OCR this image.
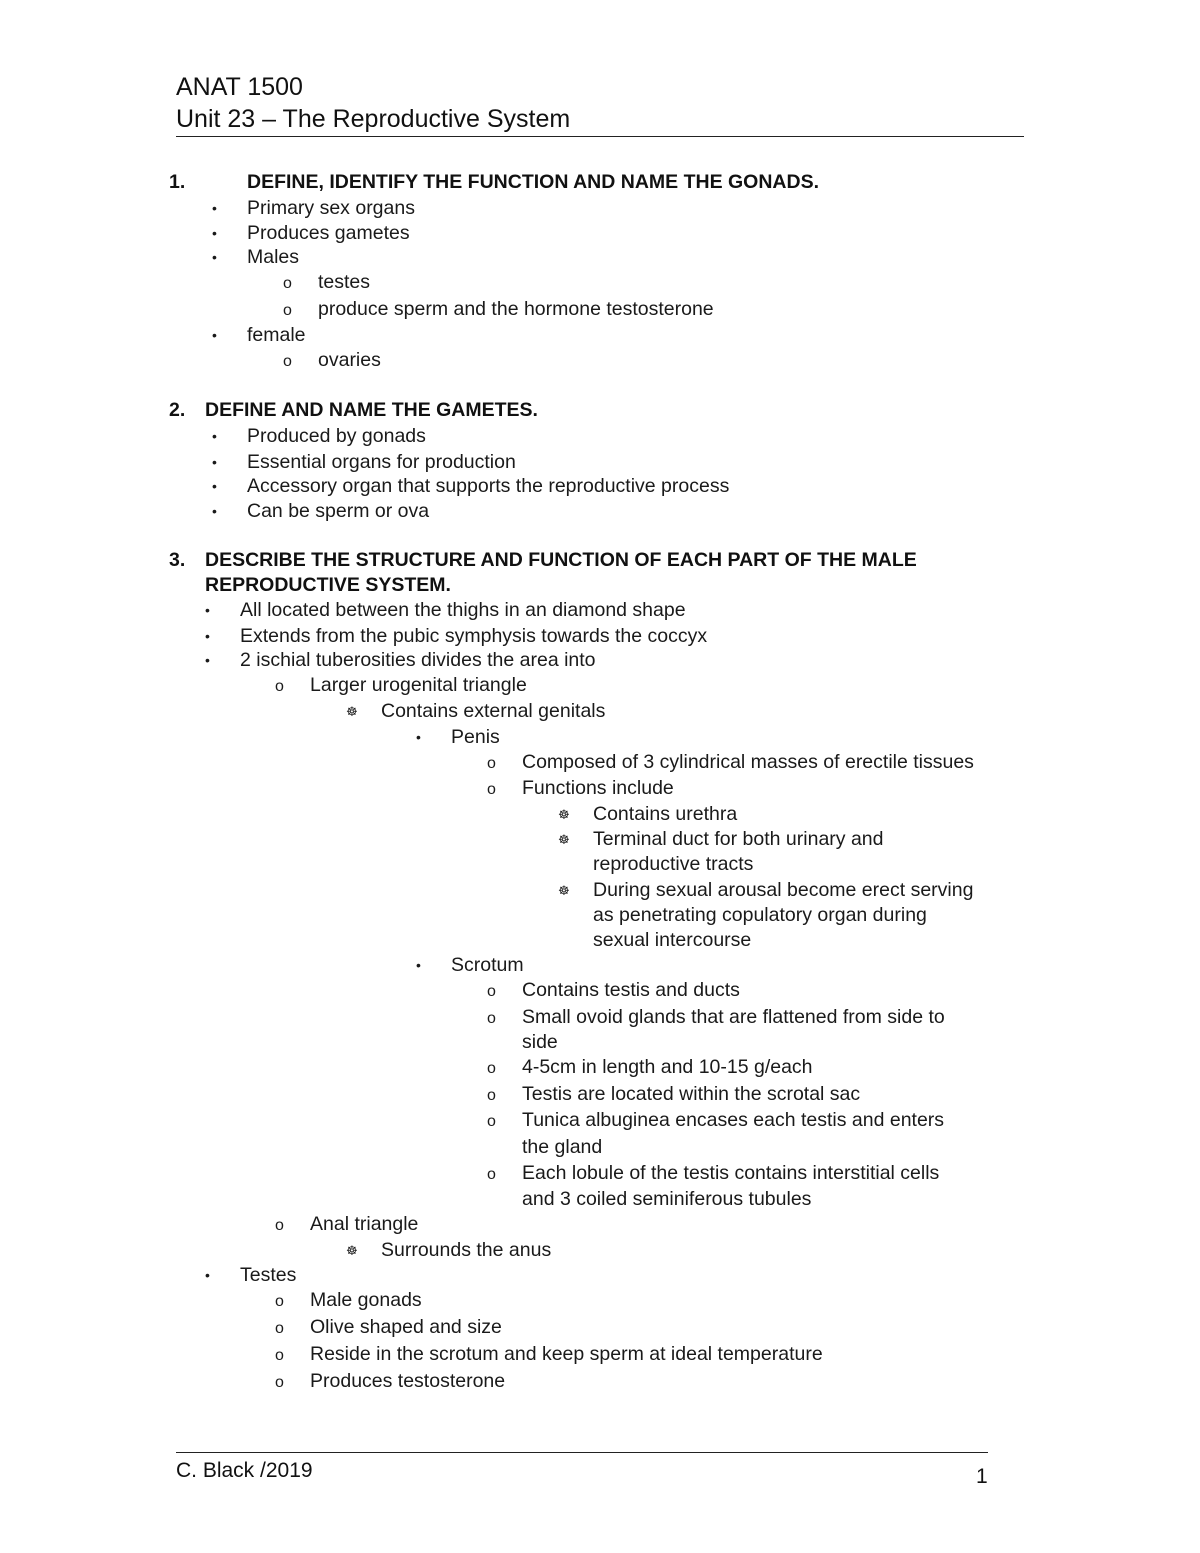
ANAT 1500
Unit 23 – The Reproductive System
1.	DEFINE, IDENTIFY THE FUNCTION AND NAME THE GONADS.
• Primary sex organs
• Produces gametes
• Males
o testes
o produce sperm and the hormone testosterone
• female
o ovaries
2. DEFINE AND NAME THE GAMETES.
• Produced by gonads
• Essential organs for production
• Accessory organ that supports the reproductive process
• Can be sperm or ova
3. DESCRIBE THE STRUCTURE AND FUNCTION OF EACH PART OF THE MALE
REPRODUCTIVE SYSTEM.
• All located between the thighs in an diamond shape
• Extends from the pubic symphysis towards the coccyx
• 2 ischial tuberosities divides the area into
o Larger urogenital triangle
☸ Contains external genitals
• Penis
o Composed of 3 cylindrical masses of erectile tissues
o Functions include
☸ Contains urethra
☸ Terminal duct for both urinary and
reproductive tracts
☸ During sexual arousal become erect serving
as penetrating copulatory organ during
sexual intercourse
• Scrotum
o Contains testis and ducts
o Small ovoid glands that are flattened from side to
side
o 4-5cm in length and 10-15 g/each
o Testis are located within the scrotal sac
o Tunica albuginea encases each testis and enters
the gland
o Each lobule of the testis contains interstitial cells
and 3 coiled seminiferous tubules
o Anal triangle
☸ Surrounds the anus
• Testes
o Male gonads
o Olive shaped and size
o Reside in the scrotum and keep sperm at ideal temperature
o Produces testosterone
C. Black /2019	1
